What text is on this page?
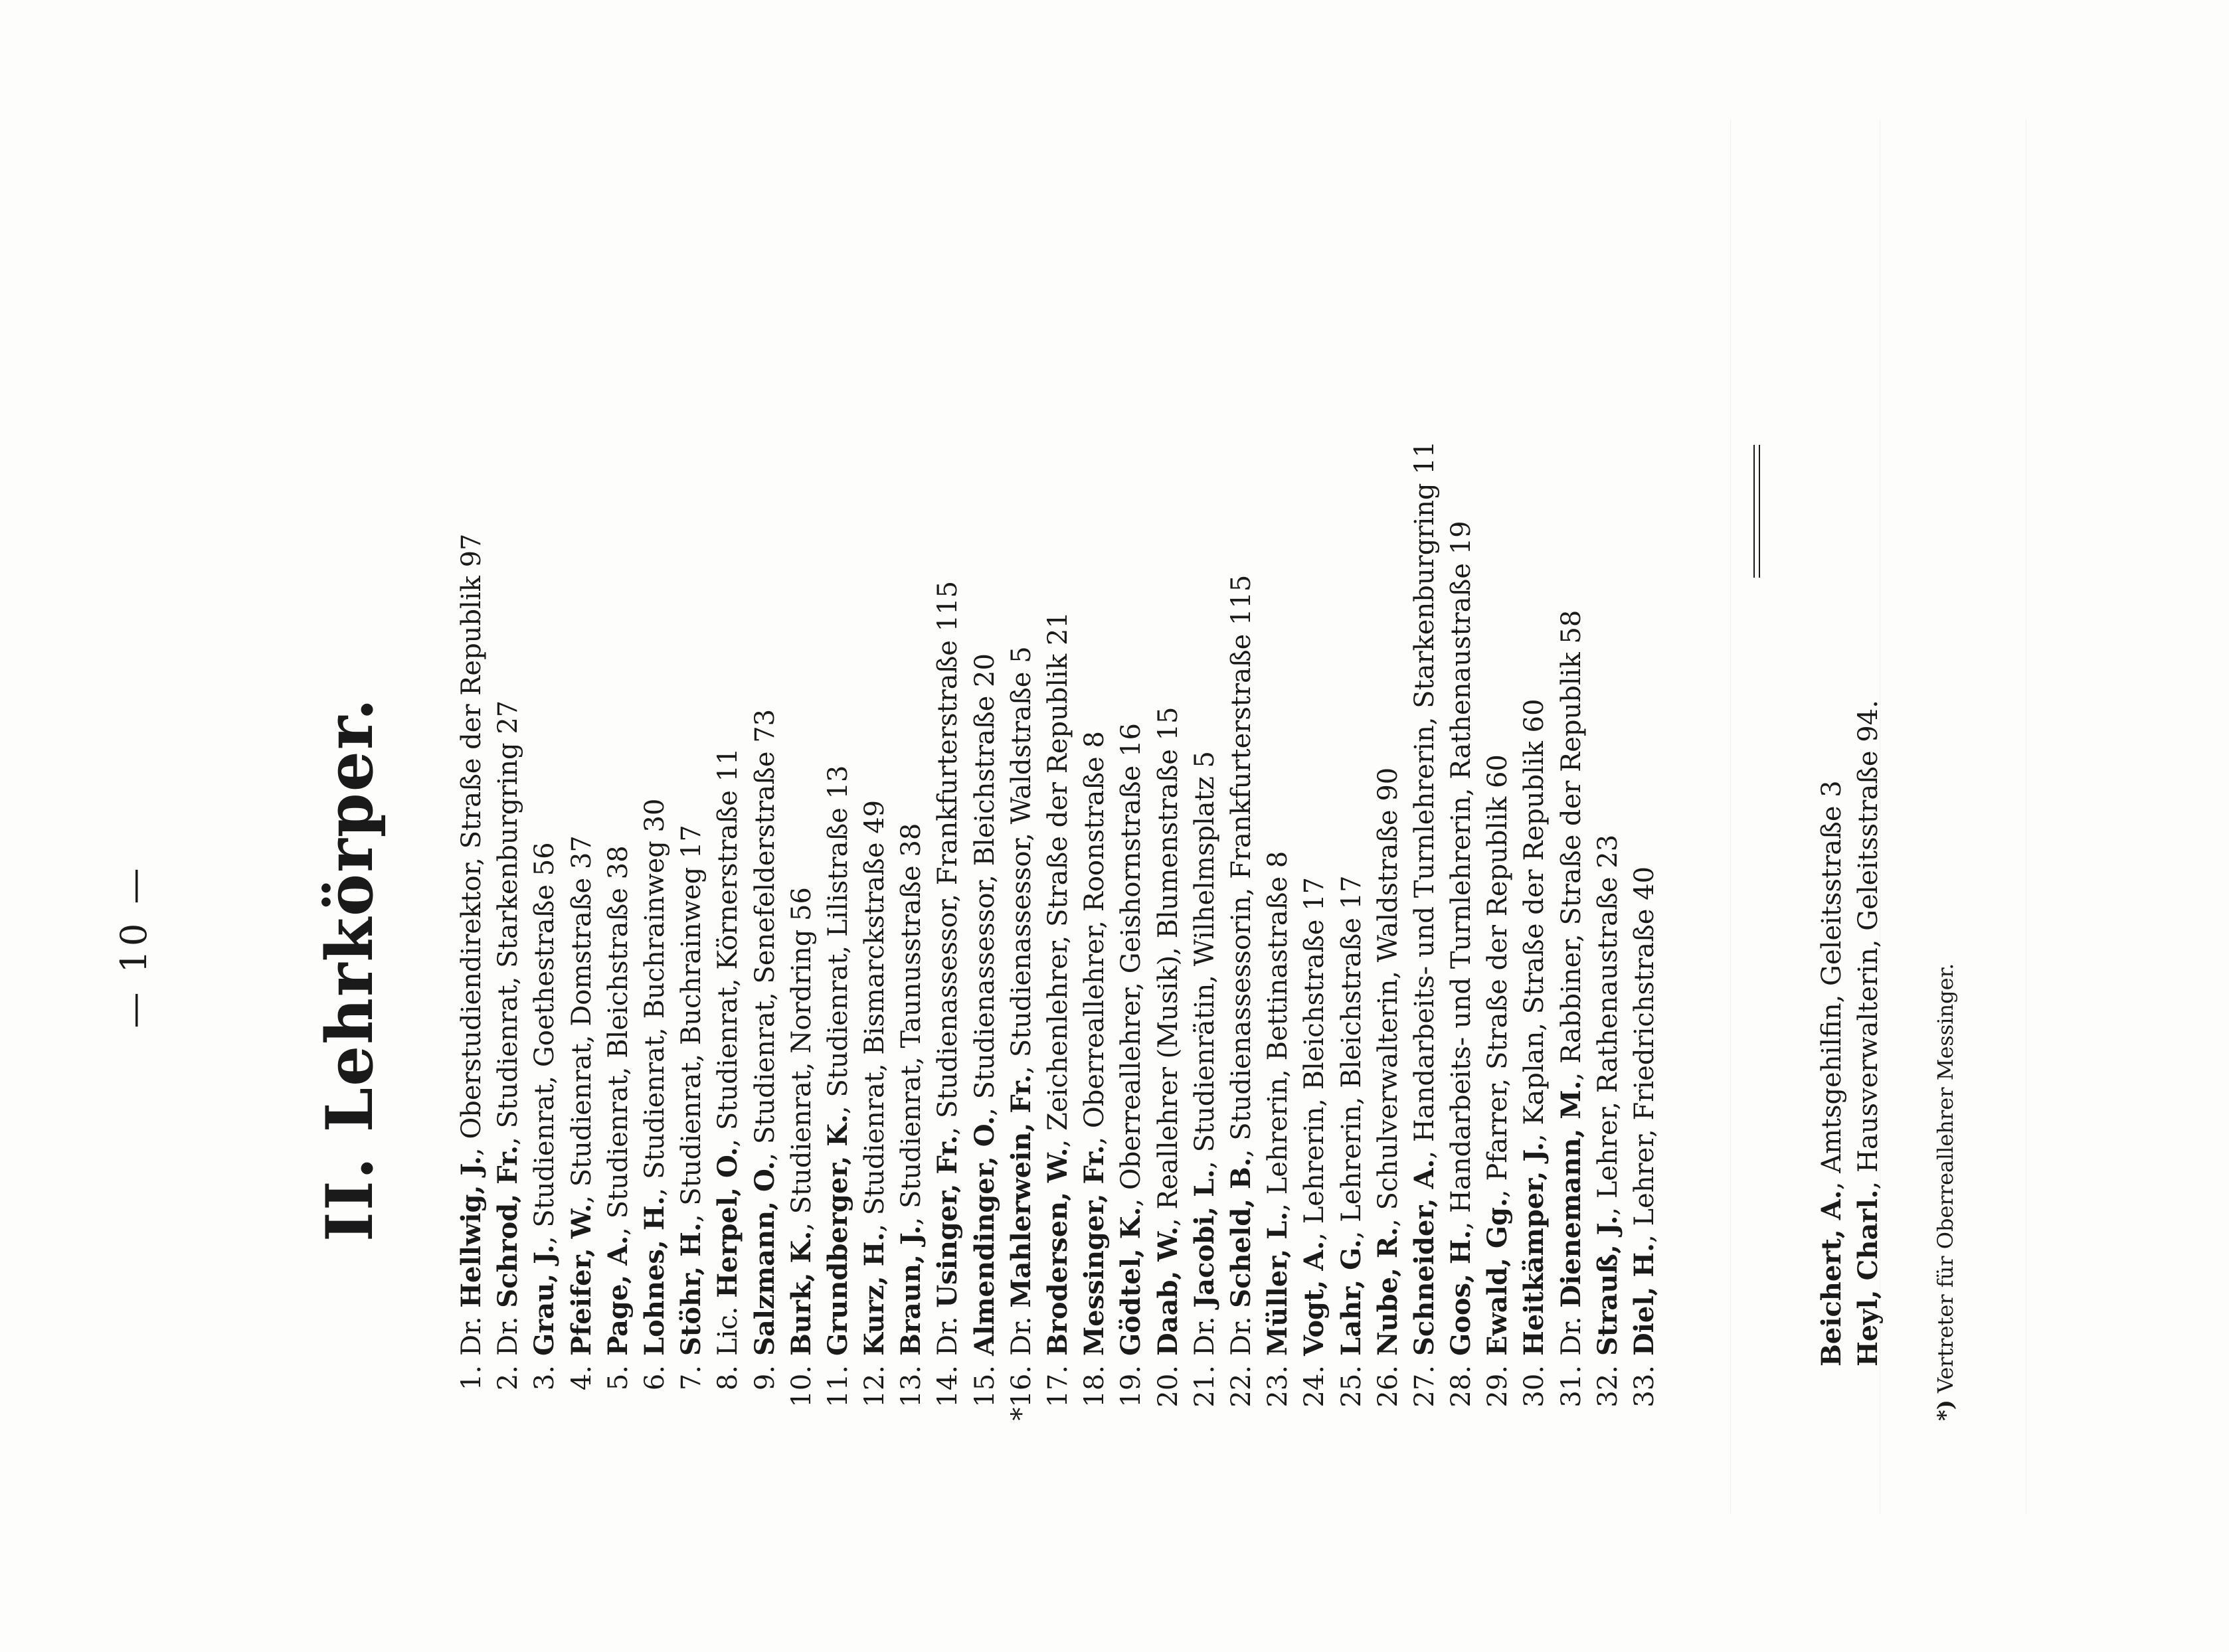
— 10 — II. Lehrkörper.
1.Dr. Hellwig, J., Oberstudiendirektor, Straße der Republik 97
2.Dr. Schrod, Fr., Studienrat, Starkenburgring 27
3.Grau, J., Studienrat, Goethestraße 56
4.Pfeifer, W., Studienrat, Domstraße 37
5.Page, A., Studienrat, Bleichstraße 38
6.Lohnes, H., Studienrat, Buchrainweg 30
7.Stöhr, H., Studienrat, Buchrainweg 17
8.Lic. Herpel, O., Studienrat, Körnerstraße 11
9.Salzmann, O., Studienrat, Senefelderstraße 73
10.Burk, K., Studienrat, Nordring 56
11.Grundberger, K., Studienrat, Lilistraße 13
12.Kurz, H., Studienrat, Bismarckstraße 49
13.Braun, J., Studienrat, Taunusstraße 38
14.Dr. Usinger, Fr., Studienassessor, Frankfurterstraße 115
15.Almendinger, O., Studienassessor, Bleichstraße 20
*16.Dr. Mahlerwein, Fr., Studienassessor, Waldstraße 5
17.Brodersen, W., Zeichenlehrer, Straße der Republik 21
18.Messinger, Fr., Oberreallehrer, Roonstraße 8
19.Gödtel, K., Oberreallehrer, Geishornstraße 16
20.Daab, W., Reallehrer (Musik), Blumenstraße 15
21.Dr. Jacobi, L., Studienrätin, Wilhelmsplatz 5
22.Dr. Scheld, B., Studienassessorin, Frankfurterstraße 115
23.Müller, L., Lehrerin, Bettinastraße 8
24.Vogt, A., Lehrerin, Bleichstraße 17
25.Lahr, G., Lehrerin, Bleichstraße 17
26.Nube, R., Schulverwalterin, Waldstraße 90
27.Schneider, A., Handarbeits- und Turnlehrerin, Starkenburgring 11
28.Goos, H., Handarbeits- und Turnlehrerin, Rathenaustraße 19
29.Ewald, Gg., Pfarrer, Straße der Republik 60
30.Heitkämper, J., Kaplan, Straße der Republik 60
31.Dr. Dienemann, M., Rabbiner, Straße der Republik 58
32.Strauß, J., Lehrer, Rathenaustraße 23
33.Diel, H., Lehrer, Friedrichstraße 40
Beichert, A., Amtsgehilfin, Geleitsstraße 3
Heyl, Charl., Hausverwalterin, Geleitsstraße 94.
*) Vertreter für Oberreallehrer Messinger.
